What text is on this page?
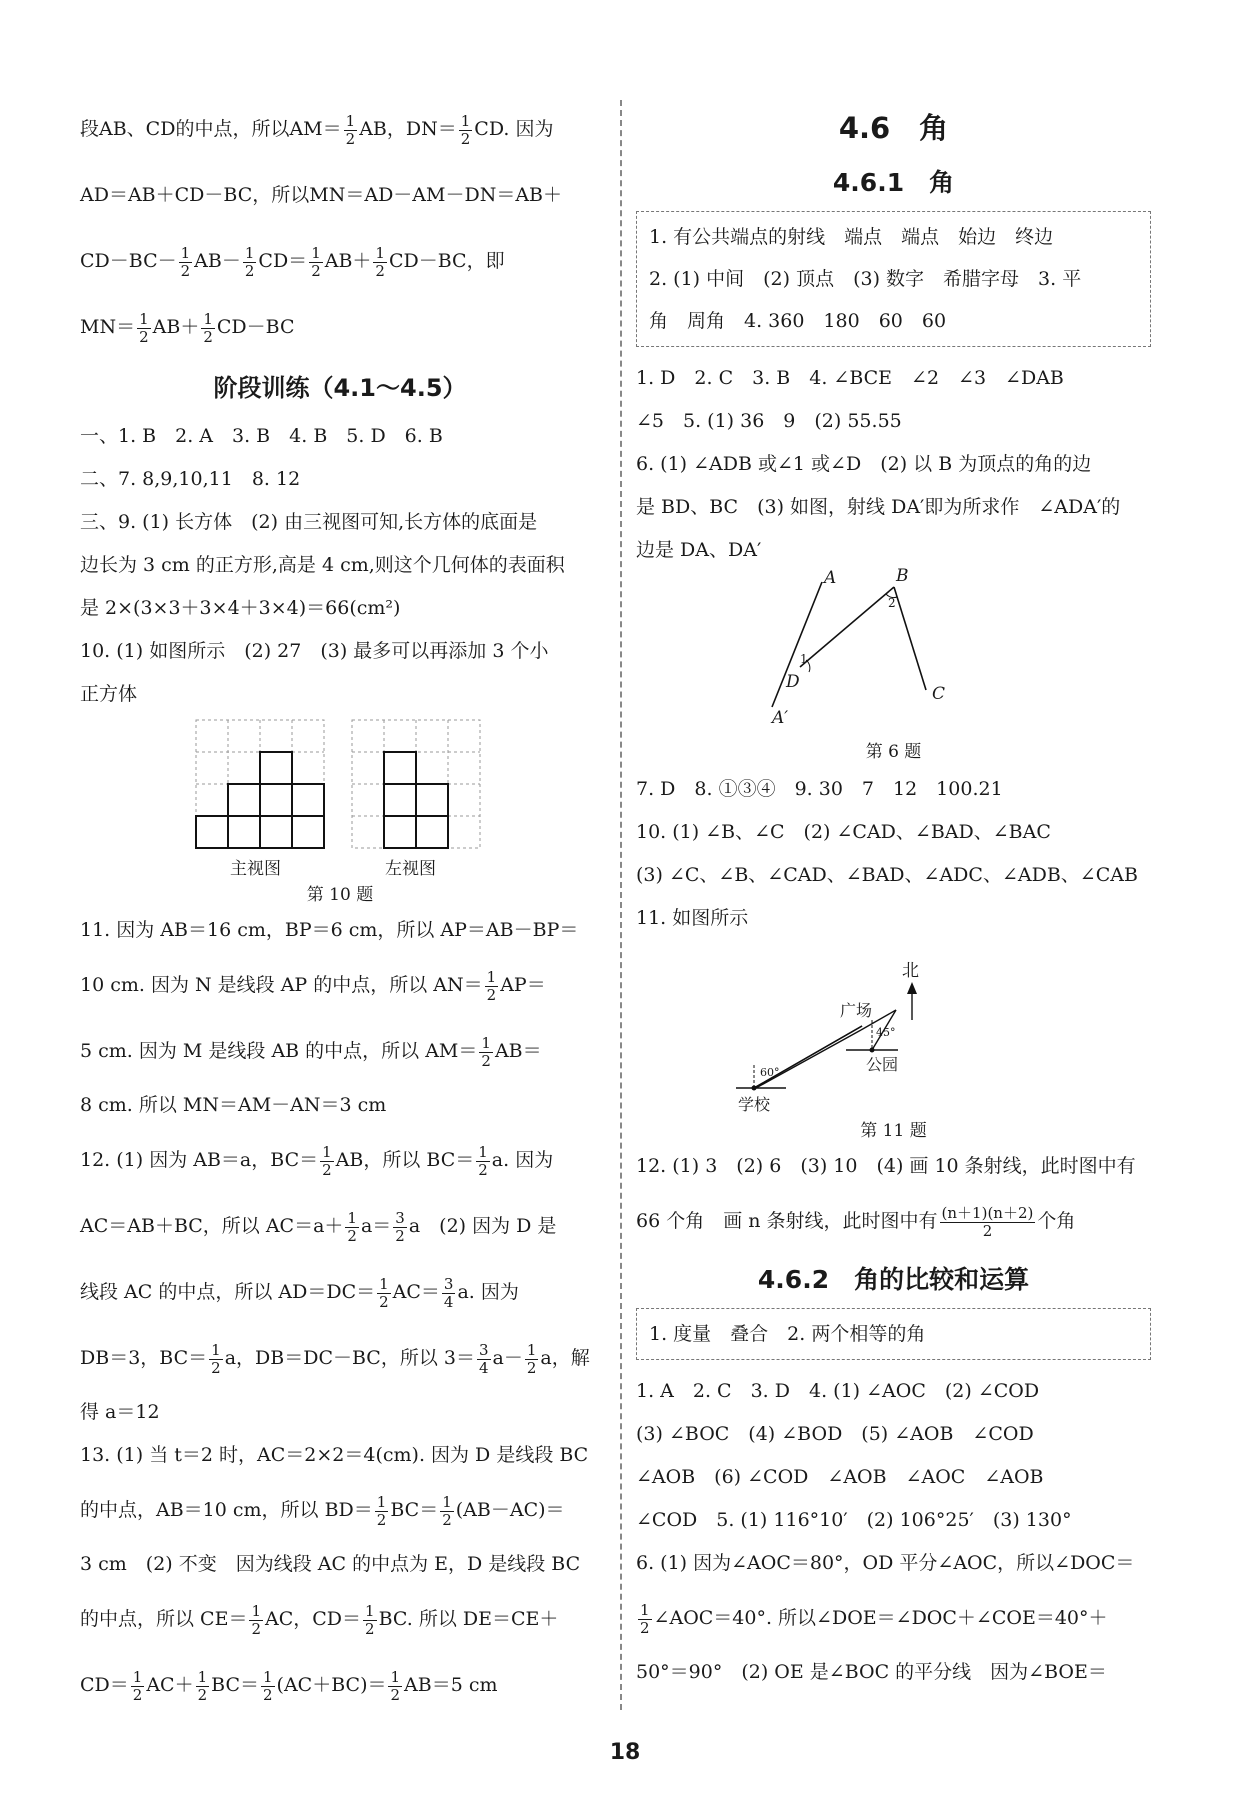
段AB、CD的中点，所以$AM= \frac{1}{2}$ AB，$DN= \frac{1}{2}$ CD. 因为
AD＝AB＋CD－BC，所以MN＝AD－AM－DN＝AB＋
$CD-BC- \frac{1}{2} AB- \frac{1}{2} CD= \frac{1}{2} AB+ \frac{1}{2} CD-BC$，即
$MN= \frac{1}{2} AB+ \frac{1}{2} CD-BC$
阶段训练（4.1～4.5）
一、1. B　2. A　3. B　4. B　5. D　6. B
二、7. 8,9,10,11　8. 12
三、9. (1) 长方体　(2) 由三视图可知,长方体的底面是
边长为 3 cm 的正方形,高是 4 cm,则这个几何体的表面积
是 2×(3×3＋3×4＋3×4)＝66(cm²)
10. (1) 如图所示　(2) 27　(3) 最多可以再添加 3 个小
正方体
主视图	左视图
第 10 题
11. 因为 AB＝16 cm，BP＝6 cm，所以 AP＝AB－BP＝
10 cm. 因为 N 是线段 AP 的中点，所以 $AN= \frac{1}{2} AP=$
5 cm. 因为 M 是线段 AB 的中点，所以 $AM= \frac{1}{2} AB=$
8 cm. 所以 MN＝AM－AN＝3 cm
12. (1) 因为 AB＝a，$BC= \frac{1}{2}$ AB，所以 $BC= \frac{1}{2} a$. 因为
AC＝AB＋BC，所以 $AC=a+ \frac{1}{2} a= \frac{3}{2}$ a　(2) 因为 D 是
线段 AC 的中点，所以 $AD=DC= \frac{1}{2} AC= \frac{3}{4} a$. 因为
DB＝3，$BC= \frac{1}{2}$ a，DB＝DC－BC，所以 $3= \frac{3}{4} a- \frac{1}{2}$ a，解
得 a＝12
13. (1) 当 t＝2 时，AC＝2×2＝4(cm). 因为 D 是线段 BC
的中点，AB＝10 cm，所以 $BD= \frac{1}{2} BC= \frac{1}{2} (AB-AC)=$
3 cm　(2) 不变　因为线段 AC 的中点为 E，D 是线段 BC
的中点，所以 $CE= \frac{1}{2}$ AC，$CD= \frac{1}{2}$ BC. 所以 DE＝CE＋
$CD= \frac{1}{2} AC+ \frac{1}{2} BC= \frac{1}{2} (AC+BC)= \frac{1}{2} AB=5$ cm
4.6　角
4.6.1　角
1. 有公共端点的射线　端点　端点　始边　终边
2. (1) 中间　(2) 顶点　(3) 数字　希腊字母　3. 平
角　周角　4. 360　180　60　60
1. D　2. C　3. B　4. ∠BCE　∠2　∠3　∠DAB
∠5　5. (1) 36　9　(2) 55.55
6. (1) ∠ADB 或∠1 或∠D　(2) 以 B 为顶点的角的边
是 BD、BC　(3) 如图，射线 DA′即为所求作　∠ADA′的
边是 DA、DA′
A	B
C
D
A′
1
2
第 6 题
7. D　8. ①③④　9. 30　7　12　100.21
10. (1) ∠B、∠C　(2) ∠CAD、∠BAD、∠BAC
(3) ∠C、∠B、∠CAD、∠BAD、∠ADC、∠ADB、∠CAB
11. 如图所示
北
广场
公园
学校
45°
60°
第 11 题
12. (1) 3　(2) 6　(3) 10　(4) 画 10 条射线，此时图中有
66 个角　画 n 条射线，此时图中有 $\frac{(n+1)(n+2)}{2}$ 个角
4.6.2　角的比较和运算
1. 度量　叠合　2. 两个相等的角
1. A　2. C　3. D　4. (1) ∠AOC　(2) ∠COD
(3) ∠BOC　(4) ∠BOD　(5) ∠AOB　∠COD
∠AOB　(6) ∠COD　∠AOB　∠AOC　∠AOB
∠COD　5. (1) 116°10′　(2) 106°25′　(3) 130°
6. (1) 因为∠AOC＝80°，OD 平分∠AOC，所以∠DOC＝
$\frac{1}{2}$ ∠AOC＝40°. 所以∠DOE＝∠DOC＋∠COE＝40°＋
50°＝90°　(2) OE 是∠BOC 的平分线　因为∠BOE＝
18
